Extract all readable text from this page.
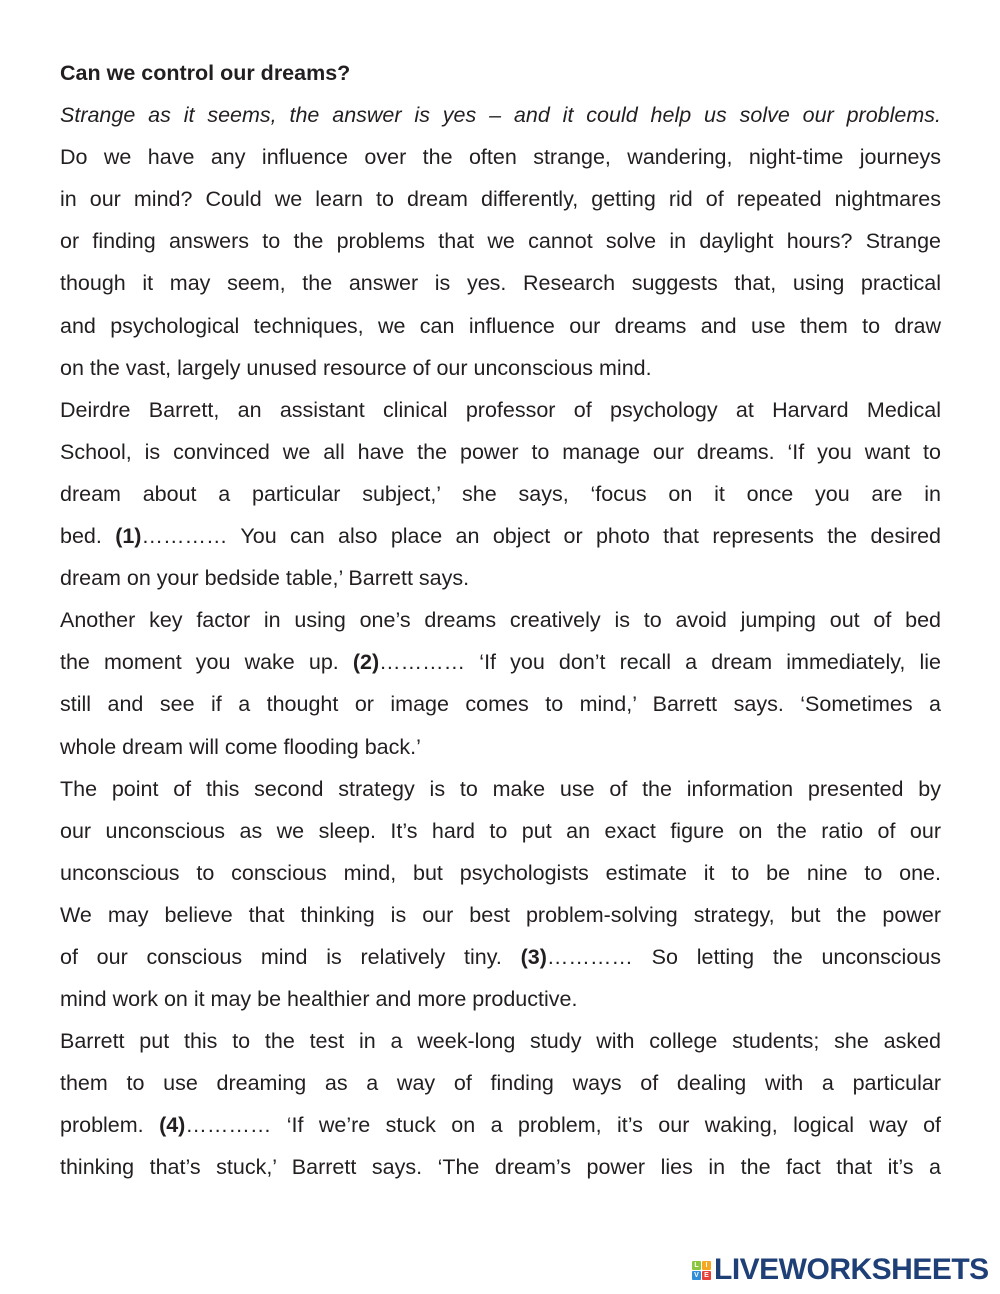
Can we control our dreams?
Strange as it seems, the answer is yes – and it could help us solve our problems.
Do we have any influence over the often strange, wandering, night-time journeys
in our mind? Could we learn to dream differently, getting rid of repeated nightmares
or finding answers to the problems that we cannot solve in daylight hours? Strange
though it may seem, the answer is yes. Research suggests that, using practical
and psychological techniques, we can influence our dreams and use them to draw
on the vast, largely unused resource of our unconscious mind.
Deirdre Barrett, an assistant clinical professor of psychology at Harvard Medical
School, is convinced we all have the power to manage our dreams. ‘If you want to
dream about a particular subject,’ she says, ‘focus on it once you are in
bed. (1)………… You can also place an object or photo that represents the desired
dream on your bedside table,’ Barrett says.
Another key factor in using one’s dreams creatively is to avoid jumping out of bed
the moment you wake up. (2)………… ‘If you don’t recall a dream immediately, lie
still and see if a thought or image comes to mind,’ Barrett says. ‘Sometimes a
whole dream will come flooding back.’
The point of this second strategy is to make use of the information presented by
our unconscious as we sleep. It’s hard to put an exact figure on the ratio of our
unconscious to conscious mind, but psychologists estimate it to be nine to one.
We may believe that thinking is our best problem-solving strategy, but the power
of our conscious mind is relatively tiny. (3)………… So letting the unconscious
mind work on it may be healthier and more productive.
Barrett put this to the test in a week-long study with college students; she asked
them to use dreaming as a way of finding ways of dealing with a particular
problem. (4)………… ‘If we’re stuck on a problem, it’s our waking, logical way of
thinking that’s stuck,’ Barrett says. ‘The dream’s power lies in the fact that it’s a
L I
V E LIVEWORKSHEETS
